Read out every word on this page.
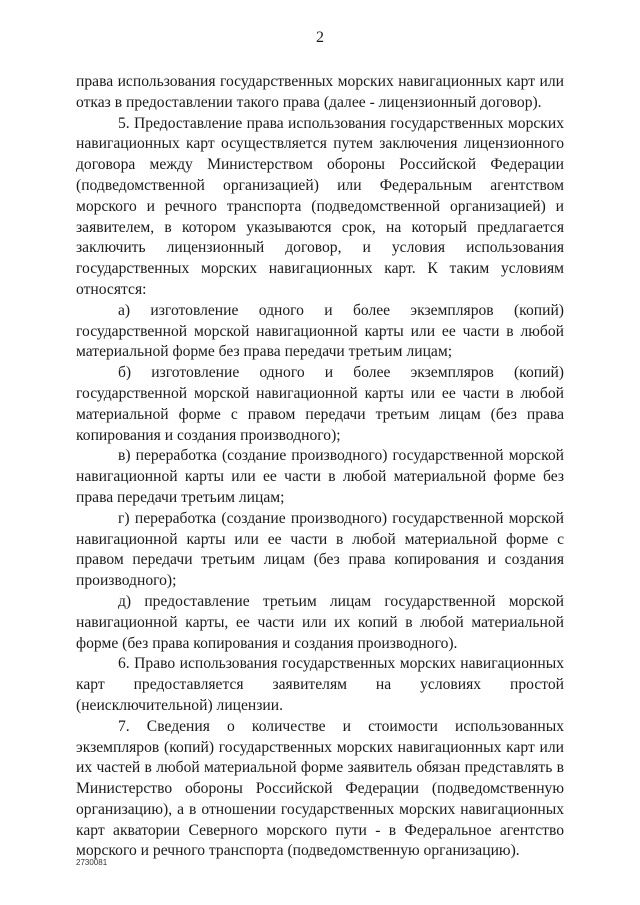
2

права использования государственных морских навигационных карт или отказ в предоставлении такого права (далее - лицензионный договор).

5. Предоставление права использования государственных морских навигационных карт осуществляется путем заключения лицензионного договора между Министерством обороны Российской Федерации (подведомственной организацией) или Федеральным агентством морского и речного транспорта (подведомственной организацией) и заявителем, в котором указываются срок, на который предлагается заключить лицензионный договор, и условия использования государственных морских навигационных карт. К таким условиям относятся:

а) изготовление одного и более экземпляров (копий) государственной морской навигационной карты или ее части в любой материальной форме без права передачи третьим лицам;

б) изготовление одного и более экземпляров (копий) государственной морской навигационной карты или ее части в любой материальной форме с правом передачи третьим лицам (без права копирования и создания производного);

в) переработка (создание производного) государственной морской навигационной карты или ее части в любой материальной форме без права передачи третьим лицам;

г) переработка (создание производного) государственной морской навигационной карты или ее части в любой материальной форме с правом передачи третьим лицам (без права копирования и создания производного);

д) предоставление третьим лицам государственной морской навигационной карты, ее части или их копий в любой материальной форме (без права копирования и создания производного).

6. Право использования государственных морских навигационных карт предоставляется заявителям на условиях простой (неисключительной) лицензии.

7. Сведения о количестве и стоимости использованных экземпляров (копий) государственных морских навигационных карт или их частей в любой материальной форме заявитель обязан представлять в Министерство обороны Российской Федерации (подведомственную организацию), а в отношении государственных морских навигационных карт акватории Северного морского пути - в Федеральное агентство морского и речного транспорта (подведомственную организацию).

2730081
